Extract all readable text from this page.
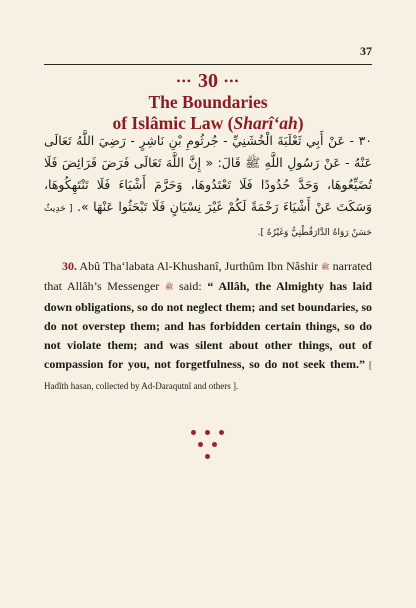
37
••• 30 •••
The Boundaries
of Islâmic Law (Sharî‘ah)
٣٠ - عَنْ أَبِي ثَعْلَبَةَ الْخُشَنِيِّ - جُرثُومِ بْنِ نَاشِرٍ - رَضِيَ اللَّهُ تَعَالَى عَنْهُ - عَنْ رَسُولِ اللَّهِ ﷺ قَالَ: « إِنَّ اللَّهَ تَعَالَى فَرَضَ فَرَائِضَ فَلَا تُضَيِّعُوهَا، وَحَدَّ حُدُودًا فَلَا تَعْتَدُوهَا، وَحَرَّمَ أَشْيَاءَ فَلَا تَنْتَهِكُوهَا، وَسَكَتَ عَنْ أَشْيَاءَ رَحْمَةً لَكُمْ غَيْرَ نِسْيَانٍ فَلَا تَبْحَثُوا عَنْهَا ». [ حَدِيثٌ حَسَنٌ رَوَاهُ الدَّارَقُطْنِيُّ وَغَيْرُهُ ].
30. Abû Tha‘labata Al-Khushanî, Jurthûm Ibn Nâshir ﷺ narrated that Allâh’s Messenger ﷺ said: “ Allâh, the Almighty has laid down obligations, so do not neglect them; and set boundaries, so do not overstep them; and has forbidden certain things, so do not violate them; and was silent about other things, out of compassion for you, not forgetfulness, so do not seek them.” [ Hadîth hasan, collected by Ad-Daraqutnî and others ].
